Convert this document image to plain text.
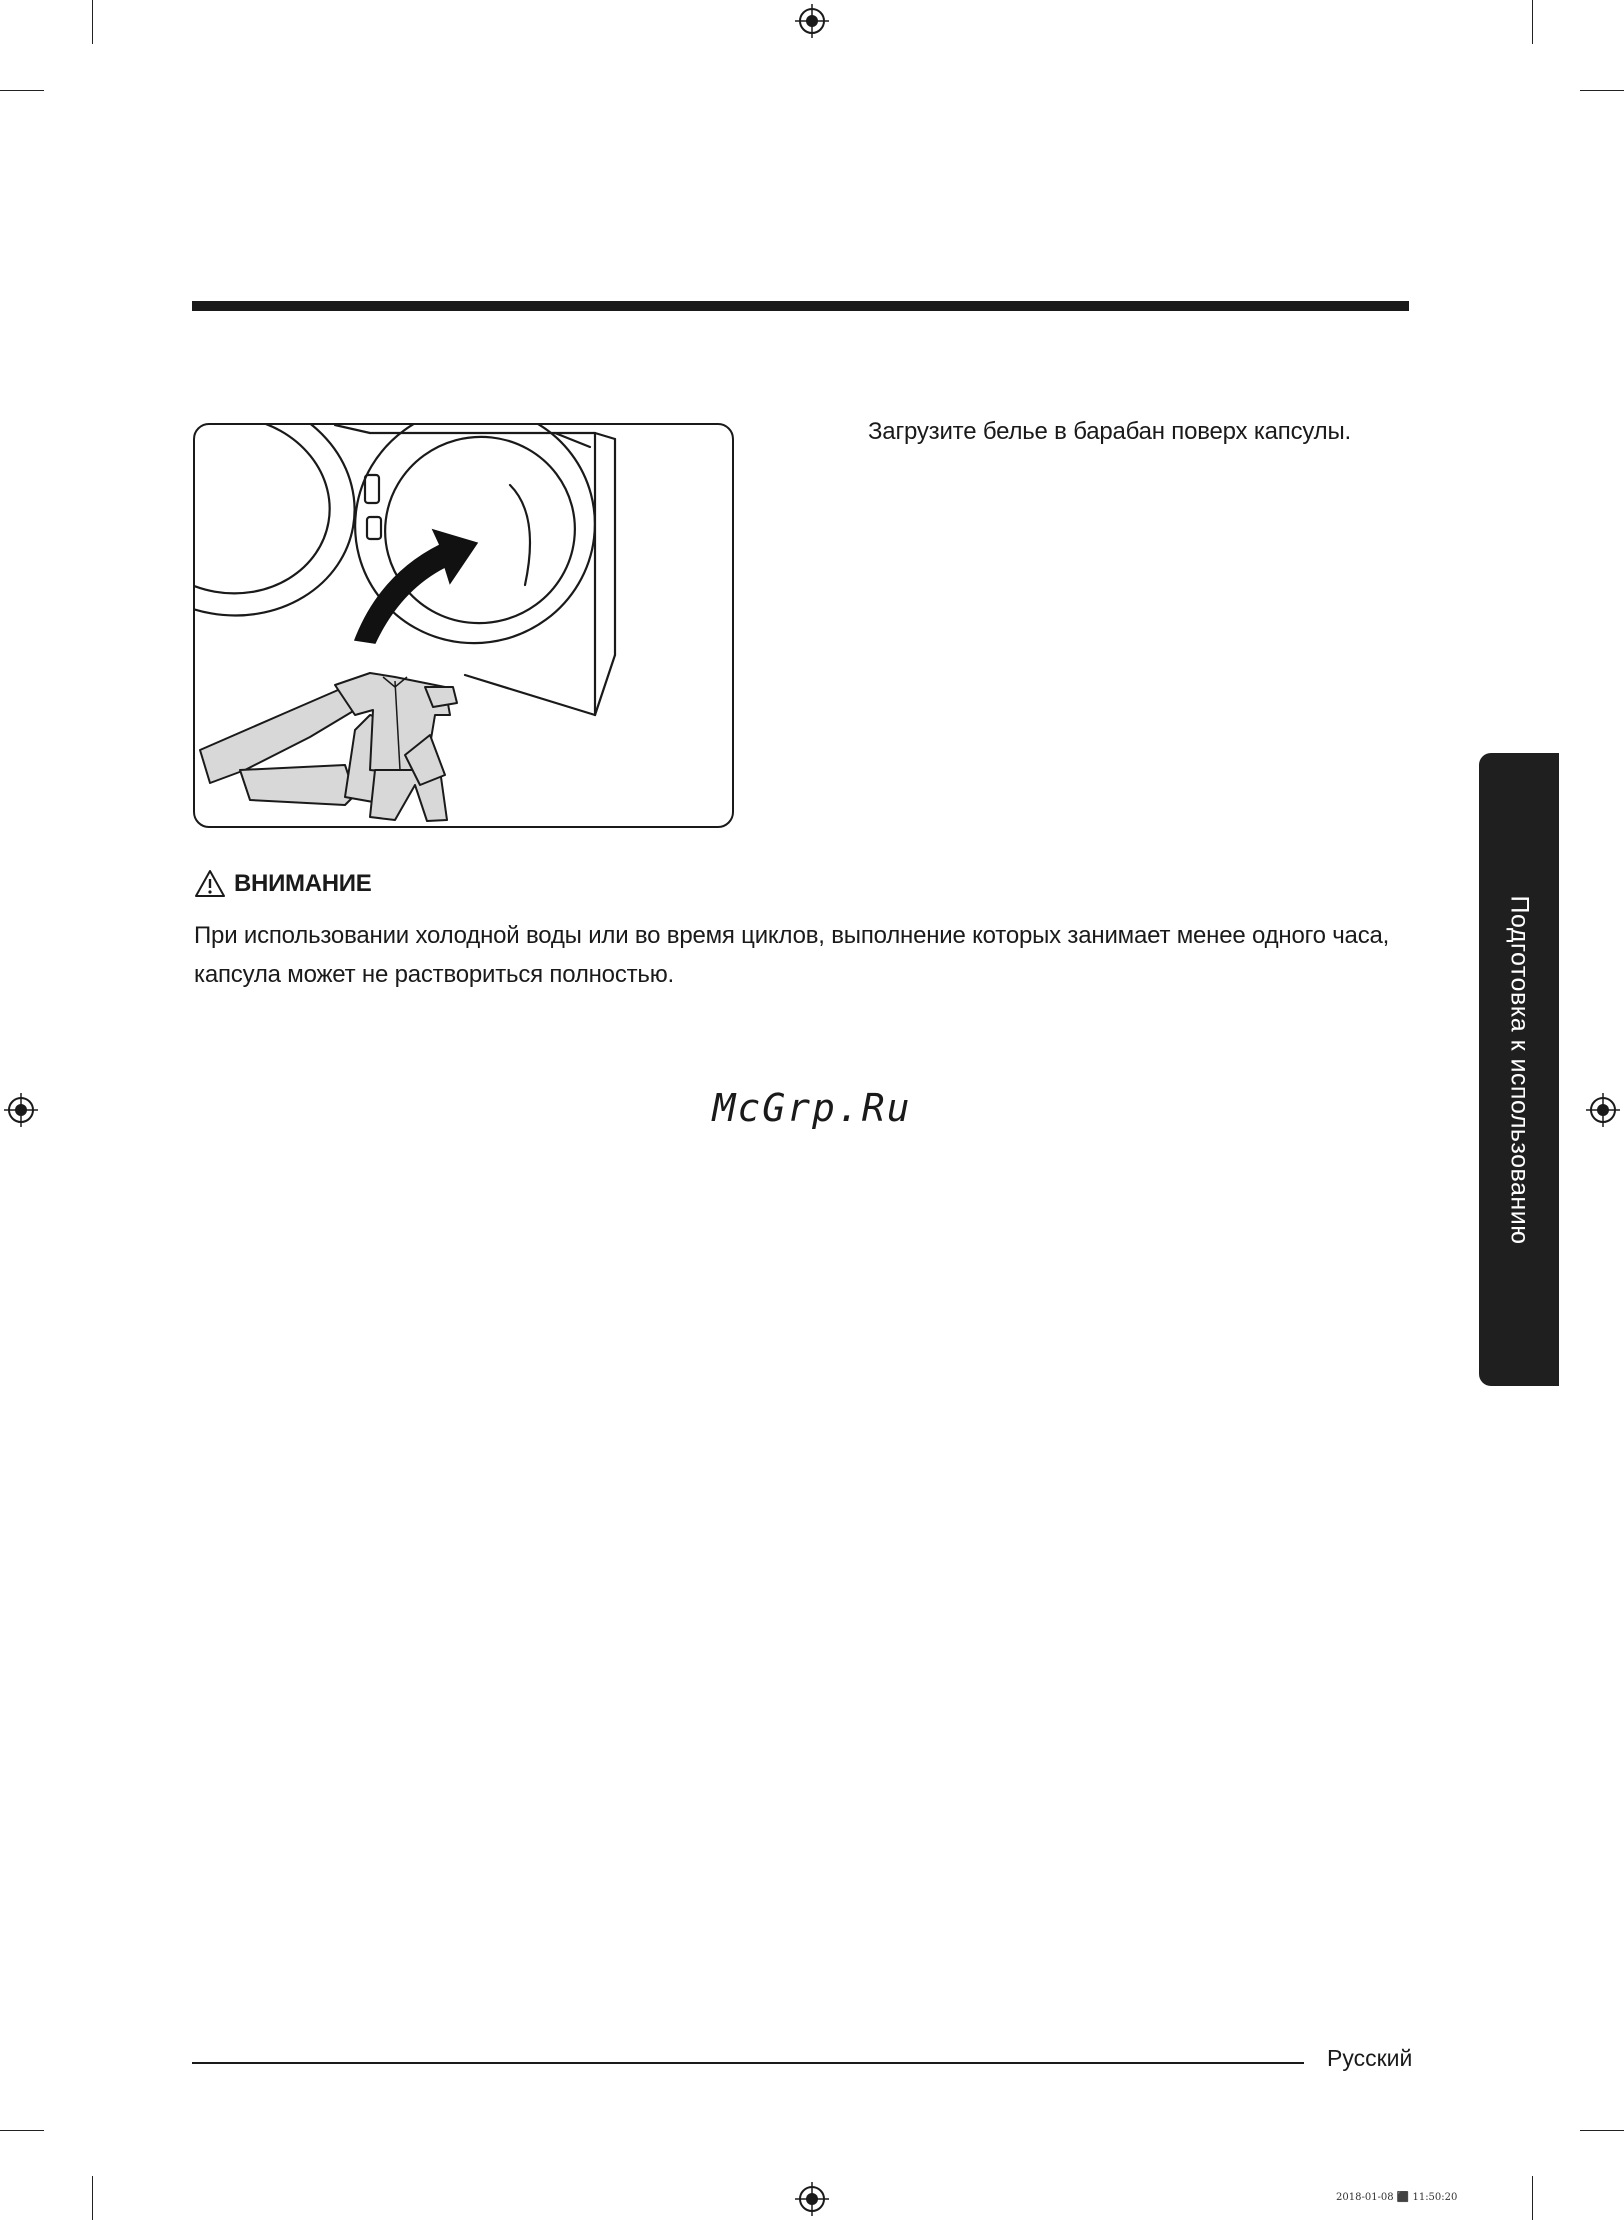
Загрузите белье в барабан поверх капсулы.
ВНИМАНИЕ
При использовании холодной воды или во время циклов, выполнение которых занимает менее одного часа, капсула может не раствориться полностью.
McGrp.Ru	Подготовка к использованию
Русский
2018-01-08 ⬛ 11:50:20
